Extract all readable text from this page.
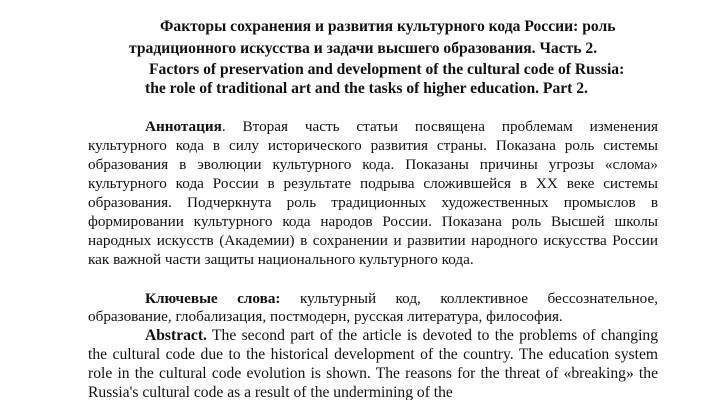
Факторы сохранения и развития культурного кода России: роль
традиционного искусства и задачи высшего образования. Часть 2.
Factors of preservation and development of the cultural code of Russia:
the role of traditional art and the tasks of higher education. Part 2.

Аннотация. Вторая часть статьи посвящена проблемам изменения культурного кода в силу исторического развития страны. Показана роль системы образования в эволюции культурного кода. Показаны причины угрозы «слома» культурного кода России в результате подрыва сложившейся в XX веке системы образования. Подчеркнута роль традиционных художественных промыслов в формировании культурного кода народов России. Показана роль Высшей школы народных искусств (Академии) в сохранении и развитии народного искусства России как важной части защиты национального культурного кода.

Ключевые слова: культурный код, коллективное бессознательное, образование, глобализация, постмодерн, русская литература, философия.

Abstract. The second part of the article is devoted to the problems of changing the cultural code due to the historical development of the country. The education system role in the cultural code evolution is shown. The reasons for the threat of «breaking» the Russia's cultural code as a result of the undermining of the
